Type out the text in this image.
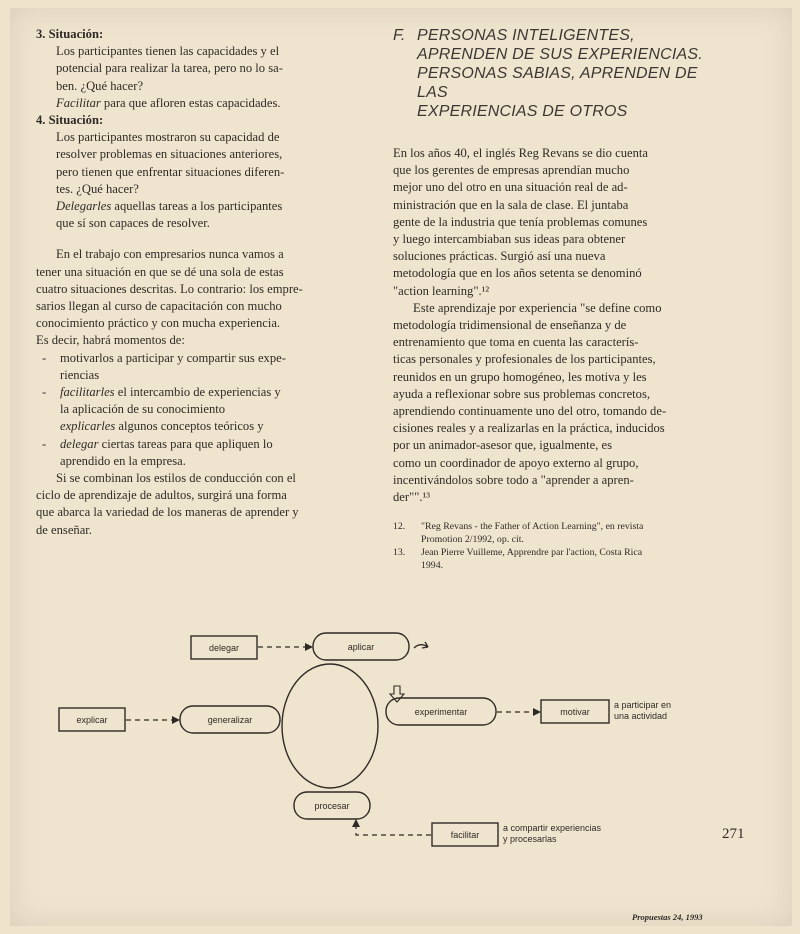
3. Situación:

Los participantes tienen las capacidades y el

potencial para realizar la tarea, pero no lo sa-

ben. ¿Qué hacer?

Facilitar para que afloren estas capacidades.

4. Situación:

Los participantes mostraron su capacidad de

resolver problemas en situaciones anteriores,

pero tienen que enfrentar situaciones diferen-

tes. ¿Qué hacer?

Delegarles aquellas tareas a los participantes

que sí son capaces de resolver.

En el trabajo con empresarios nunca vamos a

tener una situación en que se dé una sola de estas

cuatro situaciones descritas. Lo contrario: los empre-

sarios llegan al curso de capacitación con mucho

conocimiento práctico y con mucha experiencia.

Es decir, habrá momentos de:

-	motivarlos a participar y compartir sus expe-

riencias

-	facilitarles el intercambio de experiencias y

la aplicación de su conocimiento

explicarles algunos conceptos teóricos y

-	delegar ciertas tareas para que apliquen lo

aprendido en la empresa.

Si se combinan los estilos de conducción con el

ciclo de aprendizaje de adultos, surgirá una forma

que abarca la variedad de los maneras de aprender y

de enseñar.

F. PERSONAS INTELIGENTES,
APRENDEN DE SUS EXPERIENCIAS.
PERSONAS SABIAS, APRENDEN DE LAS
EXPERIENCIAS DE OTROS

En los años 40, el inglés Reg Revans se dio cuenta

que los gerentes de empresas aprendían mucho

mejor uno del otro en una situación real de ad-

ministración que en la sala de clase. El juntaba

gente de la industria que tenía problemas comunes

y luego intercambiaban sus ideas para obtener

soluciones prácticas. Surgió así una nueva

metodología que en los años setenta se denominó

"action learning".¹²

Este aprendizaje por experiencia "se define como

metodología tridimensional de enseñanza y de

entrenamiento que toma en cuenta las caracterís-

ticas personales y profesionales de los participantes,

reunidos en un grupo homogéneo, les motiva y les

ayuda a reflexionar sobre sus problemas concretos,

aprendiendo continuamente uno del otro, tomando de-

cisiones reales y a realizarlas en la práctica, inducidos

por un animador-asesor que, igualmente, es

como un coordinador de apoyo externo al grupo,

incentivándolos sobre todo a "aprender a apren-

der"".¹³

12.	"Reg Revans - the Father of Action Learning", en revista

Promotion 2/1992, op. cit.

13.	Jean Pierre Vuilleme, Apprendre par l'action, Costa Rica

1994.

delegar	aplicar
explicar	generalizar
experimentar	motivar
a participar en
una actividad
procesar
facilitar
a compartir experiencias
y procesarlas	271
Propuestas 24, 1993
